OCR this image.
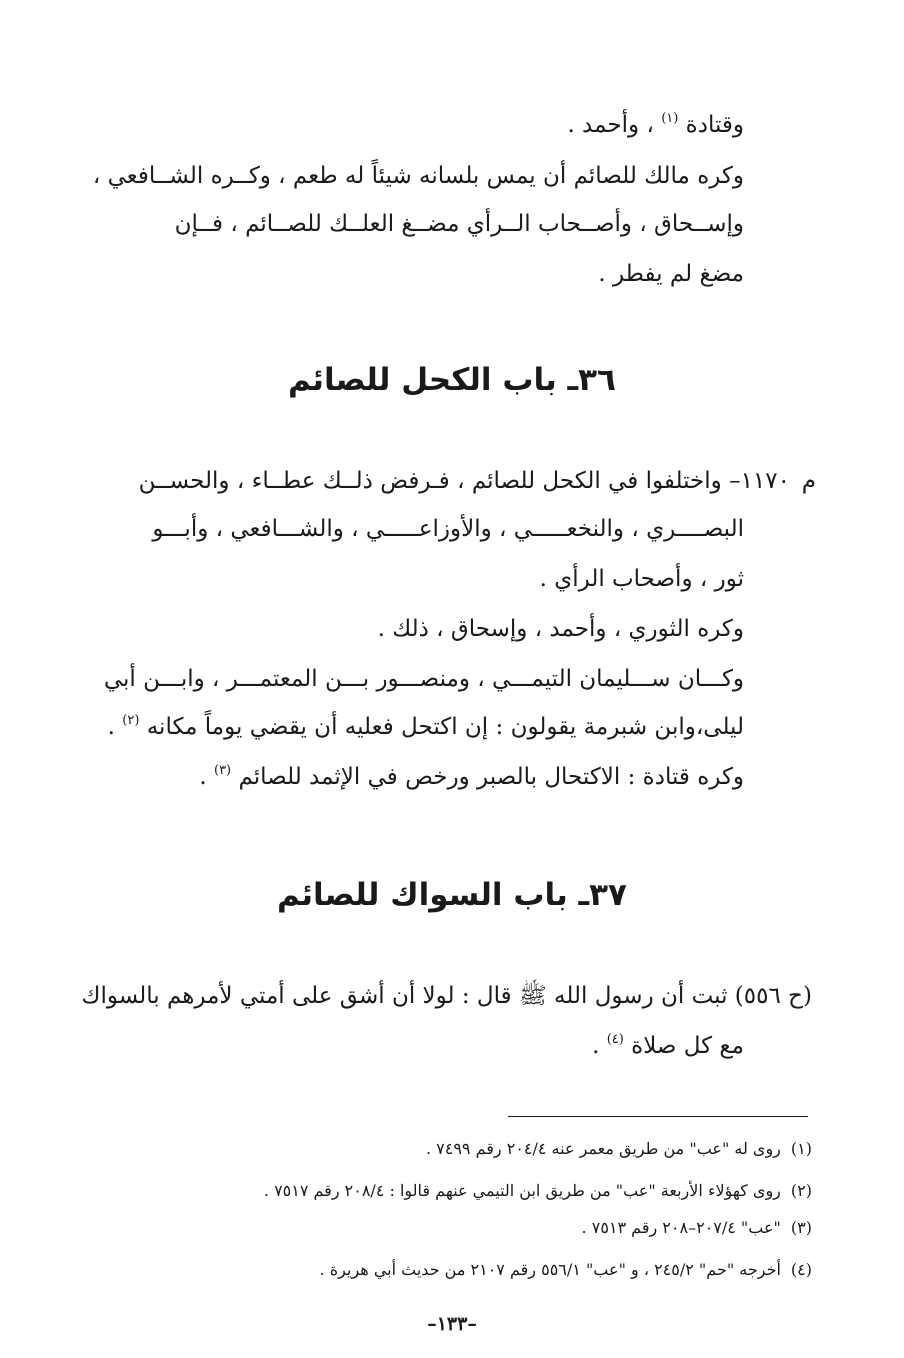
وقتادة $^{(١)}$ ، وأحمد .
وكره مالك للصائم أن يمس بلسانه شيئاً له طعم ، وكــره الشــافعي ،
وإســحاق ، وأصــحاب الــرأي مضــغ العلــك للصــائم ، فــإن
مضغ لم يفطر .
٣٦ـ باب الكحل للصائم
م
١١٧٠– واختلفوا في الكحل للصائم ، فـرفض ذلــك عطــاء ، والحســن
البصــــري ، والنخعـــــي ، والأوزاعـــــي ، والشـــافعي ، وأبـــو
ثور ، وأصحاب الرأي .
وكره الثوري ، وأحمد ، وإسحاق ، ذلك .
وكـــان ســـليمان التيمـــي ، ومنصـــور بـــن المعتمـــر ، وابـــن أبي
ليلى،وابن شبرمة يقولون : إن اكتحل فعليه أن يقضي يوماً مكانه $^{(٢)}$ .
وكره قتادة : الاكتحال بالصبر ورخص في الإثمد للصائم $^{(٣)}$ .
٣٧ـ باب السواك للصائم
(ح ٥٥٦) ثبت أن رسول الله ﷺ قال : لولا أن أشق على أمتي لأمرهم بالسواك
مع كل صلاة $^{(٤)}$ .
(١)روى له "عب" من طريق معمر عنه ٢٠٤/٤ رقم ٧٤٩٩ .
(٢)روى كهؤلاء الأربعة "عب" من طريق ابن التيمي عنهم قالوا : ٢٠٨/٤ رقم ٧٥١٧ .
(٣)"عب" ٢٠٧/٤–٢٠٨ رقم ٧٥١٣ .
(٤)أخرجه "حم" ٢٤٥/٢ ، و "عب" ٥٥٦/١ رقم ٢١٠٧ من حديث أبي هريرة .
–١٣٣–
